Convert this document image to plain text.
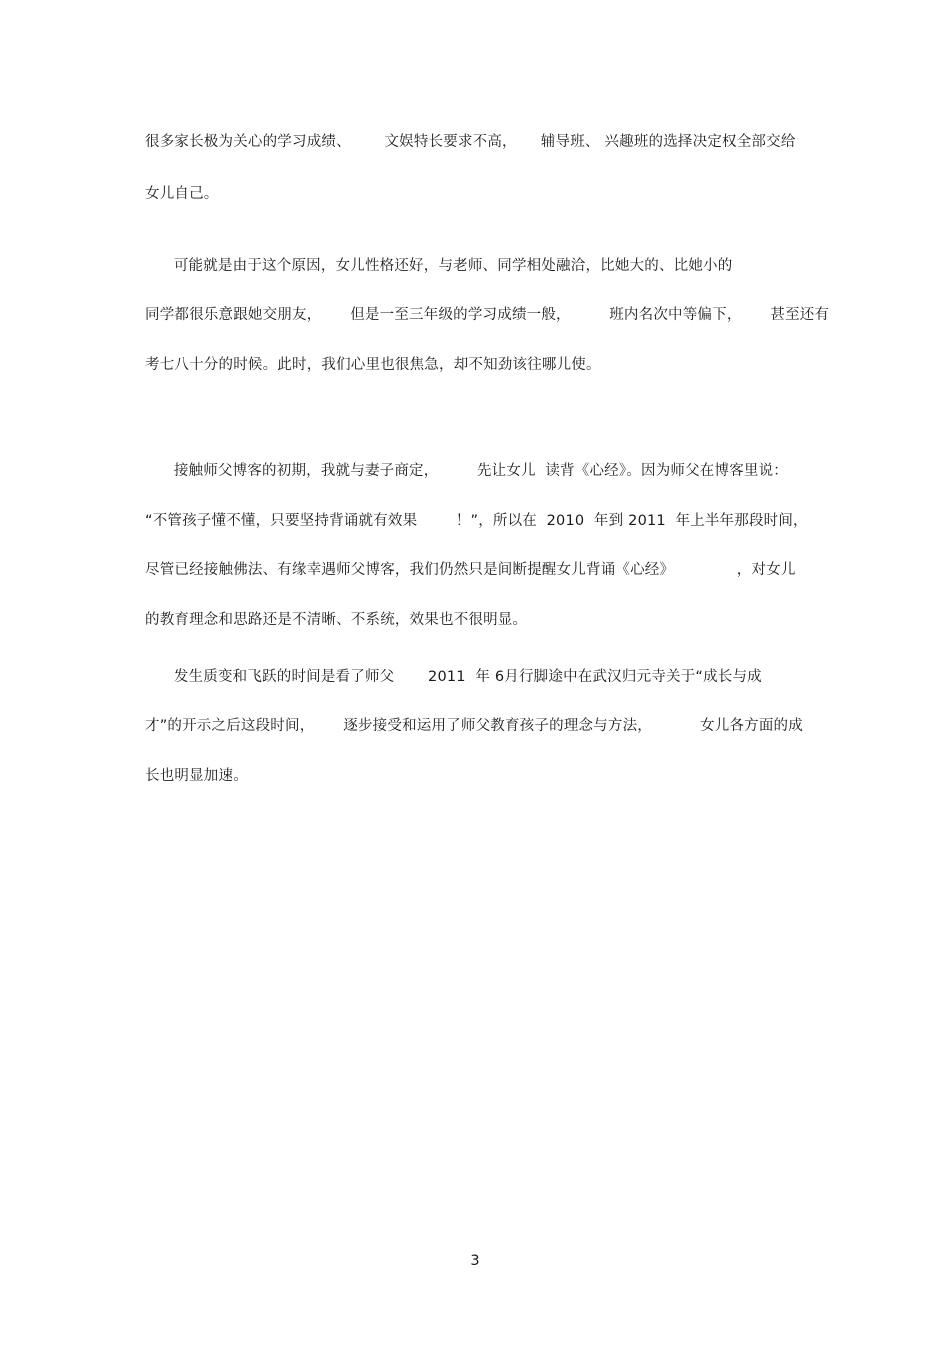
很多家长极为关心的学习成绩、       文娱特长要求不高，     辅导班、 兴趣班的选择决定权全部交给
女儿自己。
可能就是由于这个原因，女儿性格还好，与老师、同学相处融洽，比她大的、比她小的
同学都很乐意跟她交朋友，      但是一至三年级的学习成绩一般，        班内名次中等偏下，      甚至还有
考七八十分的时候。此时，我们心里也很焦急，却不知劲该往哪儿使。
接触师父博客的初期，我就与妻子商定，        先让女儿  读背《心经》。因为师父在博客里说：
“不管孩子懂不懂，只要坚持背诵就有效果        ！”，所以在  2010  年到 2011  年上半年那段时间，
尽管已经接触佛法、有缘幸遇师父博客，我们仍然只是间断提醒女儿背诵《心经》             ，对女儿
的教育理念和思路还是不清晰、不系统，效果也不很明显。
发生质变和飞跃的时间是看了师父       2011  年 6月行脚途中在武汉归元寺关于“成长与成
才”的开示之后这段时间，      逐步接受和运用了师父教育孩子的理念与方法，          女儿各方面的成
长也明显加速。
3
